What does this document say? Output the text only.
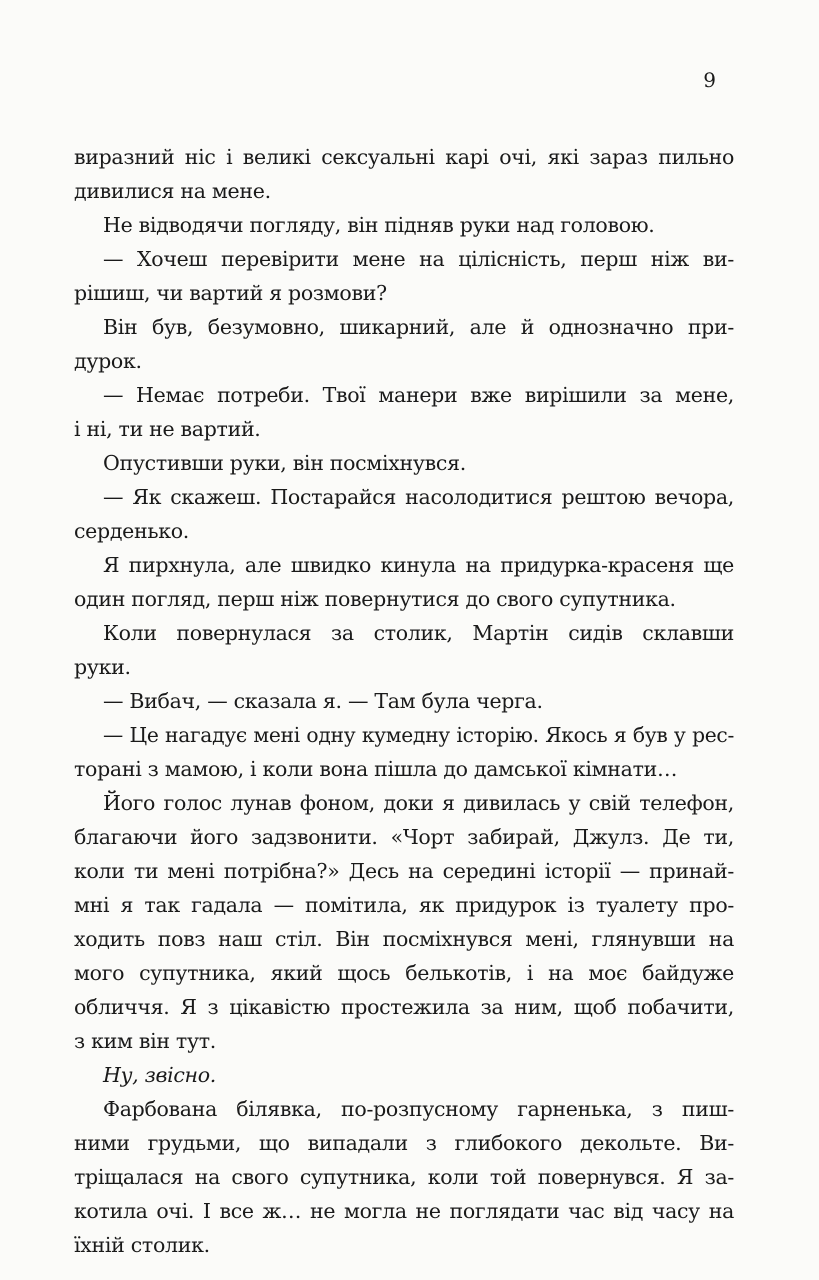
9
виразний ніс і великі сексуальні карі очі, які зараз пильно
дивилися на мене.
Не відводячи погляду, він підняв руки над головою.
— Хочеш перевірити мене на цілісність, перш ніж ви-
рішиш, чи вартий я розмови?
Він був, безумовно, шикарний, але й однозначно при-
дурок.
— Немає потреби. Твої манери вже вирішили за мене,
і ні, ти не вартий.
Опустивши руки, він посміхнувся.
— Як скажеш. Постарайся насолодитися рештою вечора,
серденько.
Я пирхнула, але швидко кинула на придурка-красеня ще
один погляд, перш ніж повернутися до свого супутника.
Коли повернулася за столик, Мартін сидів склавши
руки.
— Вибач, — сказала я. — Там була черга.
— Це нагадує мені одну кумедну історію. Якось я був у рес-
торані з мамою, і коли вона пішла до дамської кімнати…
Його голос лунав фоном, доки я дивилась у свій телефон,
благаючи його задзвонити. «Чорт забирай, Джулз. Де ти,
коли ти мені потрібна?» Десь на середині історії — принай-
мні я так гадала — помітила, як придурок із туалету про-
ходить повз наш стіл. Він посміхнувся мені, глянувши на
мого супутника, який щось белькотів, і на моє байдуже
обличчя. Я з цікавістю простежила за ним, щоб побачити,
з ким він тут.
Ну, звісно.
Фарбована білявка, по-розпусному гарненька, з пиш-
ними грудьми, що випадали з глибокого декольте. Ви-
тріщалася на свого супутника, коли той повернувся. Я за-
котила очі. І все ж… не могла не поглядати час від часу на
їхній столик.
